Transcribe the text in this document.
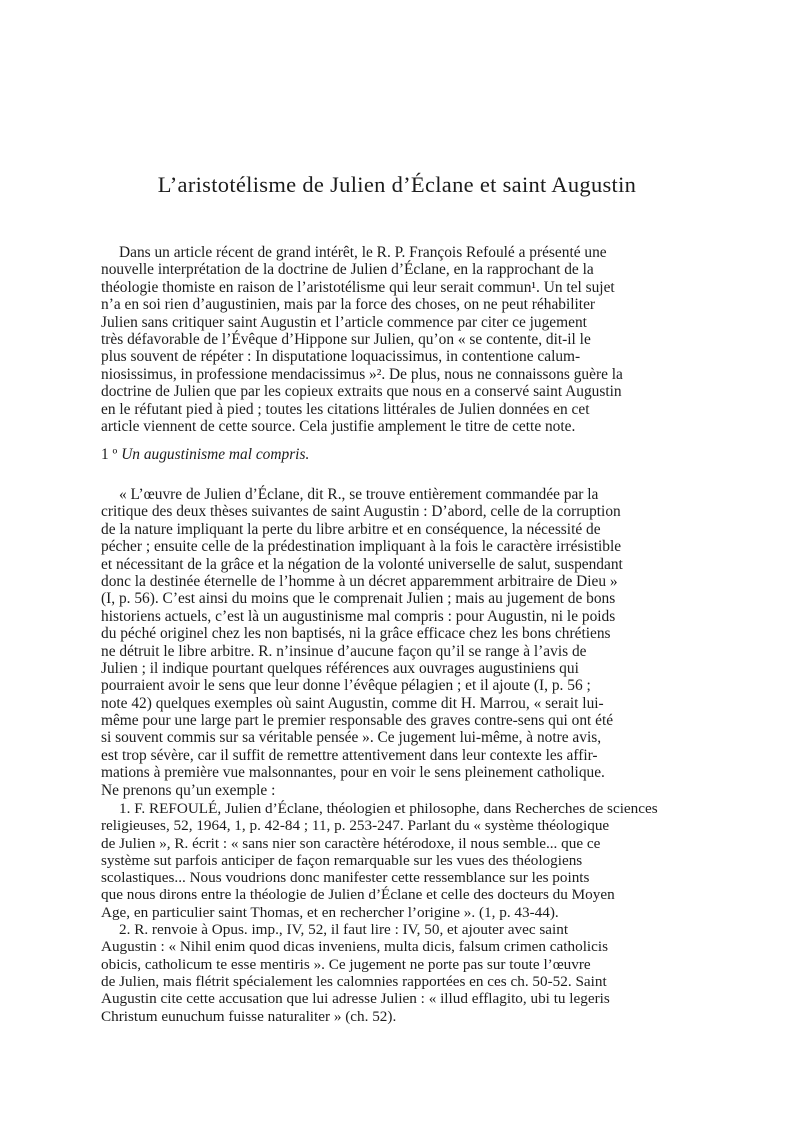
L’aristotélisme de Julien d’Éclane et saint Augustin
Dans un article récent de grand intérêt, le R. P. François Refoulé a présenté une
nouvelle interprétation de la doctrine de Julien d’Éclane, en la rapprochant de la
théologie thomiste en raison de l’aristotélisme qui leur serait commun¹. Un tel sujet
n’a en soi rien d’augustinien, mais par la force des choses, on ne peut réhabiliter
Julien sans critiquer saint Augustin et l’article commence par citer ce jugement
très défavorable de l’Évêque d’Hippone sur Julien, qu’on « se contente, dit-il le
plus souvent de répéter : In disputatione loquacissimus, in contentione calum-
niosissimus, in professione mendacissimus »². De plus, nous ne connaissons guère la
doctrine de Julien que par les copieux extraits que nous en a conservé saint Augustin
en le réfutant pied à pied ; toutes les citations littérales de Julien données en cet
article viennent de cette source. Cela justifie amplement le titre de cette note.

1 º Un augustinisme mal compris.

« L’œuvre de Julien d’Éclane, dit R., se trouve entièrement commandée par la
critique des deux thèses suivantes de saint Augustin : D’abord, celle de la corruption
de la nature impliquant la perte du libre arbitre et en conséquence, la nécessité de
pécher ; ensuite celle de la prédestination impliquant à la fois le caractère irrésistible
et nécessitant de la grâce et la négation de la volonté universelle de salut, suspendant
donc la destinée éternelle de l’homme à un décret apparemment arbitraire de Dieu »
(I, p. 56). C’est ainsi du moins que le comprenait Julien ; mais au jugement de bons
historiens actuels, c’est là un augustinisme mal compris : pour Augustin, ni le poids
du péché originel chez les non baptisés, ni la grâce efficace chez les bons chrétiens
ne détruit le libre arbitre. R. n’insinue d’aucune façon qu’il se range à l’avis de
Julien ; il indique pourtant quelques références aux ouvrages augustiniens qui
pourraient avoir le sens que leur donne l’évêque pélagien ; et il ajoute (I, p. 56 ;
note 42) quelques exemples où saint Augustin, comme dit H. Marrou, « serait lui-
même pour une large part le premier responsable des graves contre-sens qui ont été
si souvent commis sur sa véritable pensée ». Ce jugement lui-même, à notre avis,
est trop sévère, car il suffit de remettre attentivement dans leur contexte les affir-
mations à première vue malsonnantes, pour en voir le sens pleinement catholique.
Ne prenons qu’un exemple :
1. F. REFOULÉ, Julien d’Éclane, théologien et philosophe, dans Recherches de sciences
religieuses, 52, 1964, 1, p. 42-84 ; 11, p. 253-247. Parlant du « système théologique
de Julien », R. écrit : « sans nier son caractère hétérodoxe, il nous semble... que ce
système sut parfois anticiper de façon remarquable sur les vues des théologiens
scolastiques... Nous voudrions donc manifester cette ressemblance sur les points
que nous dirons entre la théologie de Julien d’Éclane et celle des docteurs du Moyen
Age, en particulier saint Thomas, et en rechercher l’origine ». (1, p. 43-44).
2. R. renvoie à Opus. imp., IV, 52, il faut lire : IV, 50, et ajouter avec saint
Augustin : « Nihil enim quod dicas inveniens, multa dicis, falsum crimen catholicis
obicis, catholicum te esse mentiris ». Ce jugement ne porte pas sur toute l’œuvre
de Julien, mais flétrit spécialement les calomnies rapportées en ces ch. 50-52. Saint
Augustin cite cette accusation que lui adresse Julien : « illud efflagito, ubi tu legeris
Christum eunuchum fuisse naturaliter » (ch. 52).
